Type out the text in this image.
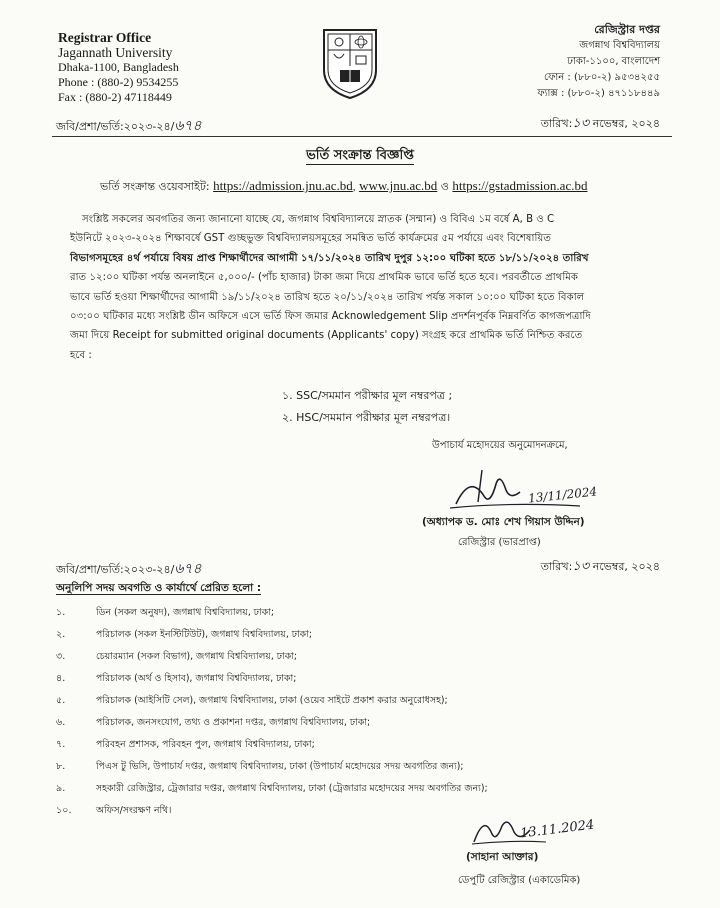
Registrar Office
Jagannath University
Dhaka-1100, Bangladesh
Phone : (880-2) 9534255
Fax : (880-2) 47118449
রেজিস্ট্রার দপ্তর
জগন্নাথ বিশ্ববিদ্যালয়
ঢাকা-১১০০, বাংলাদেশ
ফোন : (৮৮০-২) ৯৫৩৪২৫৫
ফ্যাক্স : (৮৮০-২) ৪৭১১৮৪৪৯
জবি/প্রশা/ভর্তি:২০২৩-২৪/৬৭৪	তারিখ:১৩ নভেম্বর, ২০২৪
ভর্তি সংক্রান্ত বিজ্ঞপ্তি
ভর্তি সংক্রান্ত ওয়েবসাইট: https://admission.jnu.ac.bd, www.jnu.ac.bd ও https://gstadmission.ac.bd
সংশ্লিষ্ট সকলের অবগতির জন্য জানানো যাচ্ছে যে, জগন্নাথ বিশ্ববিদ্যালয়ে স্নাতক (সম্মান) ও বিবিএ ১ম বর্ষে A, B ও C
ইউনিটে ২০২৩-২০২৪ শিক্ষাবর্ষে GST গুচ্ছভুক্ত বিশ্ববিদ্যালয়সমূহের সমন্বিত ভর্তি কার্যক্রমের ৫ম পর্যায়ে এবং বিশেষায়িত
বিভাগসমূহের ৪র্থ পর্যায়ে বিষয় প্রাপ্ত শিক্ষার্থীদের আগামী ১৭/১১/২০২৪ তারিখ দুপুর ১২:০০ ঘটিকা হতে ১৮/১১/২০২৪ তারিখ
রাত ১২:০০ ঘটিকা পর্যন্ত অনলাইনে ৫,০০০/- (পাঁচ হাজার) টাকা জমা দিয়ে প্রাথমিক ভাবে ভর্তি হতে হবে। পরবর্তীতে প্রাথমিক
ভাবে ভর্তি হওয়া শিক্ষার্থীদের আগামী ১৯/১১/২০২৪ তারিখ হতে ২০/১১/২০২৪ তারিখ পর্যন্ত সকাল ১০:০০ ঘটিকা হতে বিকাল
০৩:০০ ঘটিকার মধ্যে সংশ্লিষ্ট ডীন অফিসে এসে ভর্তি ফিস জমার Acknowledgement Slip প্রদর্শনপূর্বক নিম্নবর্ণিত কাগজপত্রাদি
জমা দিয়ে Receipt for submitted original documents (Applicants' copy) সংগ্রহ করে প্রাথমিক ভর্তি নিশ্চিত করতে
হবে :
১. SSC/সমমান পরীক্ষার মূল নম্বরপত্র ;
২. HSC/সমমান পরীক্ষার মূল নম্বরপত্র।
উপাচার্য মহোদয়ের অনুমোদনক্রমে,
13/11/2024
(অধ্যাপক ড. মোঃ শেখ গিয়াস উদ্দিন)
রেজিস্ট্রার (ভারপ্রাপ্ত)
জবি/প্রশা/ভর্তি:২০২৩-২৪/৬৭৪	তারিখ:১৩ নভেম্বর, ২০২৪
অনুলিপি সদয় অবগতি ও কার্যার্থে প্রেরিত হলো :
১.	ডিন (সকল অনুষদ), জগন্নাথ বিশ্ববিদ্যালয়, ঢাকা;
২.	পরিচালক (সকল ইনস্টিটিউট), জগন্নাথ বিশ্ববিদ্যালয়, ঢাকা;
৩.	চেয়ারম্যান (সকল বিভাগ), জগন্নাথ বিশ্ববিদ্যালয়, ঢাকা;
৪.	পরিচালক (অর্থ ও হিসাব), জগন্নাথ বিশ্ববিদ্যালয়, ঢাকা;
৫.	পরিচালক (আইসিটি সেল), জগন্নাথ বিশ্ববিদ্যালয়, ঢাকা (ওয়েব সাইটে প্রকাশ করার অনুরোধসহ);
৬.	পরিচালক, জনসংযোগ, তথ্য ও প্রকাশনা দপ্তর, জগন্নাথ বিশ্ববিদ্যালয়, ঢাকা;
৭.	পরিবহন প্রশাসক, পরিবহন পুল, জগন্নাথ বিশ্ববিদ্যালয়, ঢাকা;
৮.	পিএস টু ভিসি, উপাচার্য দপ্তর, জগন্নাথ বিশ্ববিদ্যালয়, ঢাকা (উপাচার্য মহোদয়ের সদয় অবগতির জন্য);
৯.	সহকারী রেজিস্ট্রার, ট্রেজারার দপ্তর, জগন্নাথ বিশ্ববিদ্যালয়, ঢাকা (ট্রেজারার মহোদয়ের সদয় অবগতির জন্য);
১০.	অফিস/সংরক্ষণ নথি।
13.11.2024
(সাহানা আক্তার)
ডেপুটি রেজিস্ট্রার (একাডেমিক)
